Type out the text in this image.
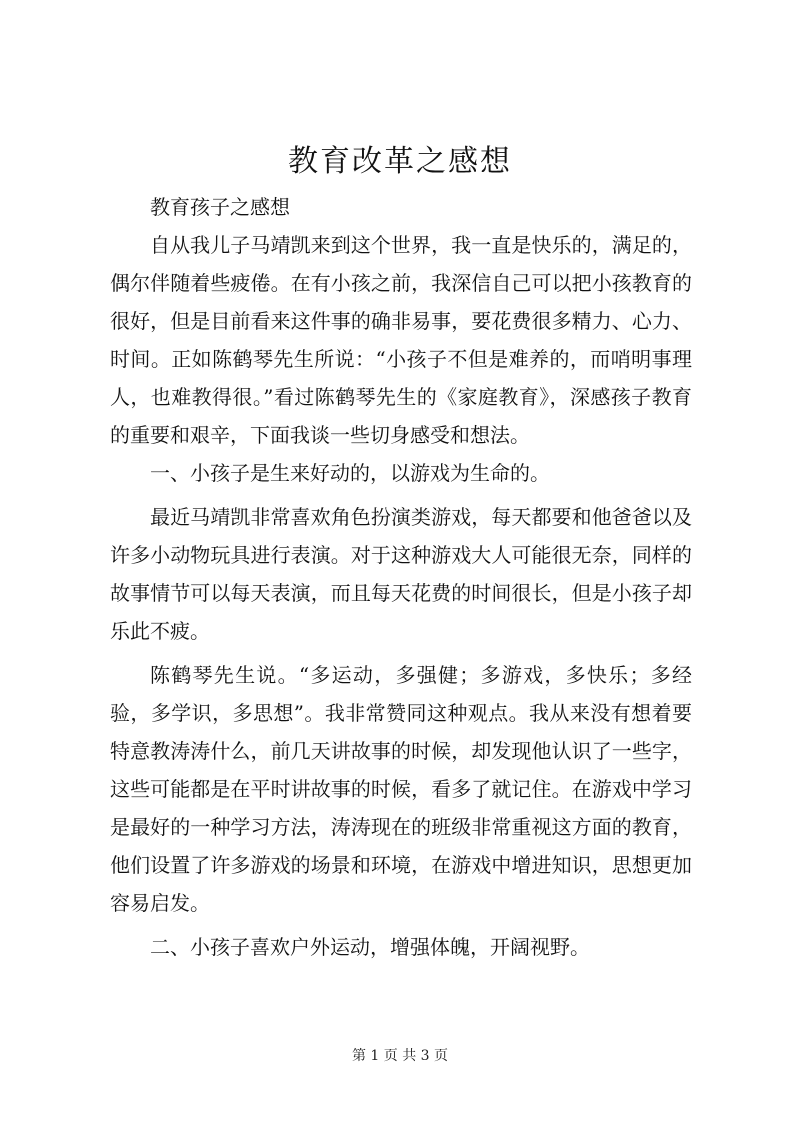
教育改革之感想

教育孩子之感想

自从我儿子马靖凯来到这个世界，我一直是快乐的，满足的，偶尔伴随着些疲倦。在有小孩之前，我深信自己可以把小孩教育的很好，但是目前看来这件事的确非易事，要花费很多精力、心力、时间。正如陈鹤琴先生所说：“小孩子不但是难养的，而哨明事理人，也难教得很。”看过陈鹤琴先生的《家庭教育》，深感孩子教育的重要和艰辛，下面我谈一些切身感受和想法。

一、小孩子是生来好动的，以游戏为生命的。

最近马靖凯非常喜欢角色扮演类游戏，每天都要和他爸爸以及许多小动物玩具进行表演。对于这种游戏大人可能很无奈，同样的故事情节可以每天表演，而且每天花费的时间很长，但是小孩子却乐此不疲。

陈鹤琴先生说。“多运动，多强健；多游戏，多快乐；多经验，多学识，多思想”。我非常赞同这种观点。我从来没有想着要特意教涛涛什么，前几天讲故事的时候，却发现他认识了一些字，这些可能都是在平时讲故事的时候，看多了就记住。在游戏中学习是最好的一种学习方法，涛涛现在的班级非常重视这方面的教育，他们设置了许多游戏的场景和环境，在游戏中增进知识，思想更加容易启发。

二、小孩子喜欢户外运动，增强体魄，开阔视野。

第 1 页 共 3 页
